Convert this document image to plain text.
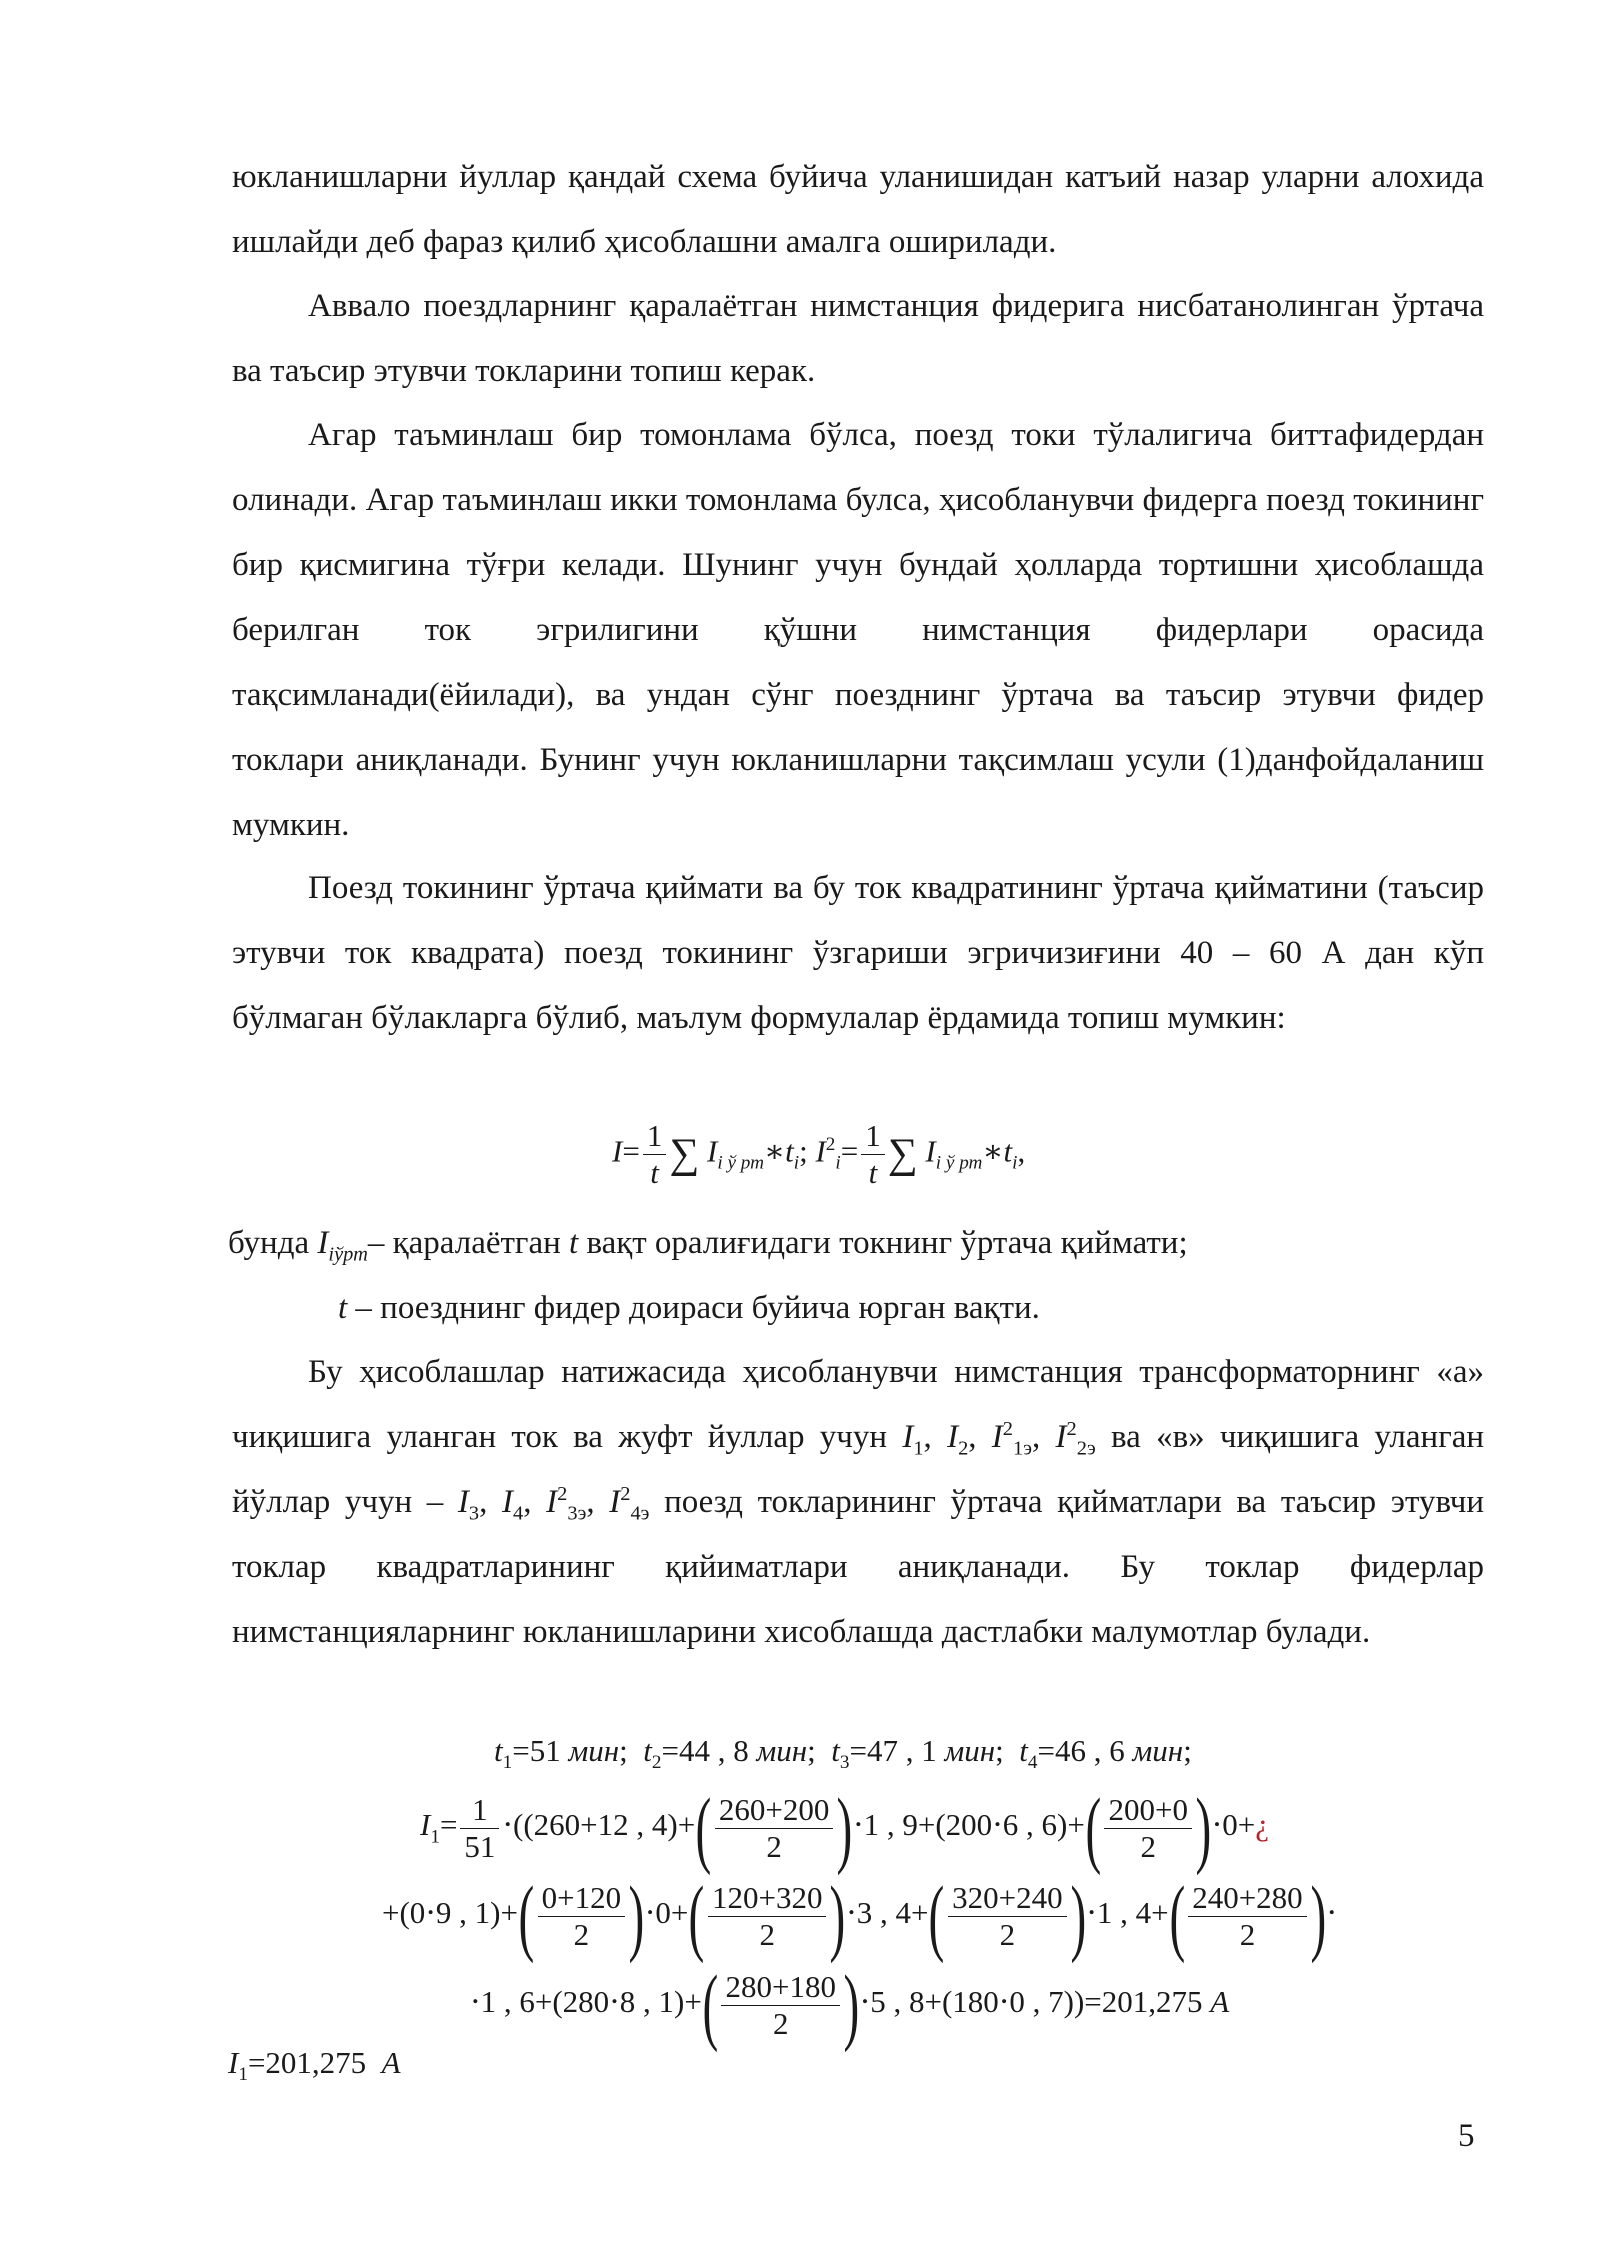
юкланишларни йуллар қандай схема буйича уланишидан катъий назар уларни алохида ишлайди деб фараз қилиб ҳисоблашни амалга оширилади.
Аввало поездларнинг қаралаётган нимстанция фидерига нисбатанолинган ўртача ва таъсир этувчи токларини топиш керак.
Агар таъминлаш бир томонлама бўлса, поезд токи тўлалигича биттафидердан олинади. Агар таъминлаш икки томонлама булса, ҳисобланувчи фидерга поезд токининг бир қисмигина тўғри келади. Шунинг учун бундай ҳолларда тортишни ҳисоблашда берилган ток эгрилигини қўшни нимстанция фидерлари орасида тақсимланади(ёйилади), ва ундан сўнг поезднинг ўртача ва таъсир этувчи фидер токлари аниқланади. Бунинг учун юкланишларни тақсимлаш усули (1)данфойдаланиш мумкин.
Поезд токининг ўртача қиймати ва бу ток квадратининг ўртача қийматини (таъсир этувчи ток квадрата) поезд токининг ўзгариши эгричизиғини 40 – 60 А дан кўп бўлмаган бўлакларга бўлиб, маълум формулалар ёрдамида топиш мумкин:
$I= \frac{1}{t}$ ∑ $I_{i ў рт}∗t_i$; $I^2_i= \frac{1}{t}$ ∑ $I_{i ў рт}∗t_i$,
бунда $I_{iўрт}-$ қаралаётган t вақт оралиғидаги токнинг ўртача қиймати;
t – поезднинг фидер доираси буйича юрган вақти.
Бу ҳисоблашлар натижасида ҳисобланувчи нимстанция трансформаторнинг «а» чиқишига уланган ток ва жуфт йуллар учун $I_1$, $I_2$, $I^2_{1э}$, $I^2_{2э}$ ва «в» чиқишига уланган йўллар учун – $I_3$, $I_4$, $I^2_{3э}$, $I^2_{4э}$ поезд токларининг ўртача қийматлари ва таъсир этувчи токлар квадратларининг қийиматлари аниқланади. Бу токлар фидерлар нимстанцияларнинг юкланишларини хисоблашда дастлабки малумотлар булади.
$t_1=51$ мин;  $t_2=44$ , 8 мин;  $t_3=47$ , 1 мин;  $t_4=46$ , 6 мин;
$I_1= \frac{1}{51} \cdot((260+12$ , $4)+( \frac{260+200}{2} )\cdot 1$ , 9+(200⋅6 , $6)+( \frac{200+0}{2}$ )⋅0+¿
+(0⋅9 , $1)+( \frac{0+120}{2} )\cdot 0+( \frac{120+320}{2} )\cdot 3$ , $4+( \frac{320+240}{2} )\cdot 1$ , $4+( \frac{240+280}{2}$ )⋅
⋅1 , 6+(280⋅8 , $1)+( \frac{280+180}{2} )\cdot 5$ , 8+(180⋅0 , 7))=201,275 A
$I_1=201,275$ A
5
